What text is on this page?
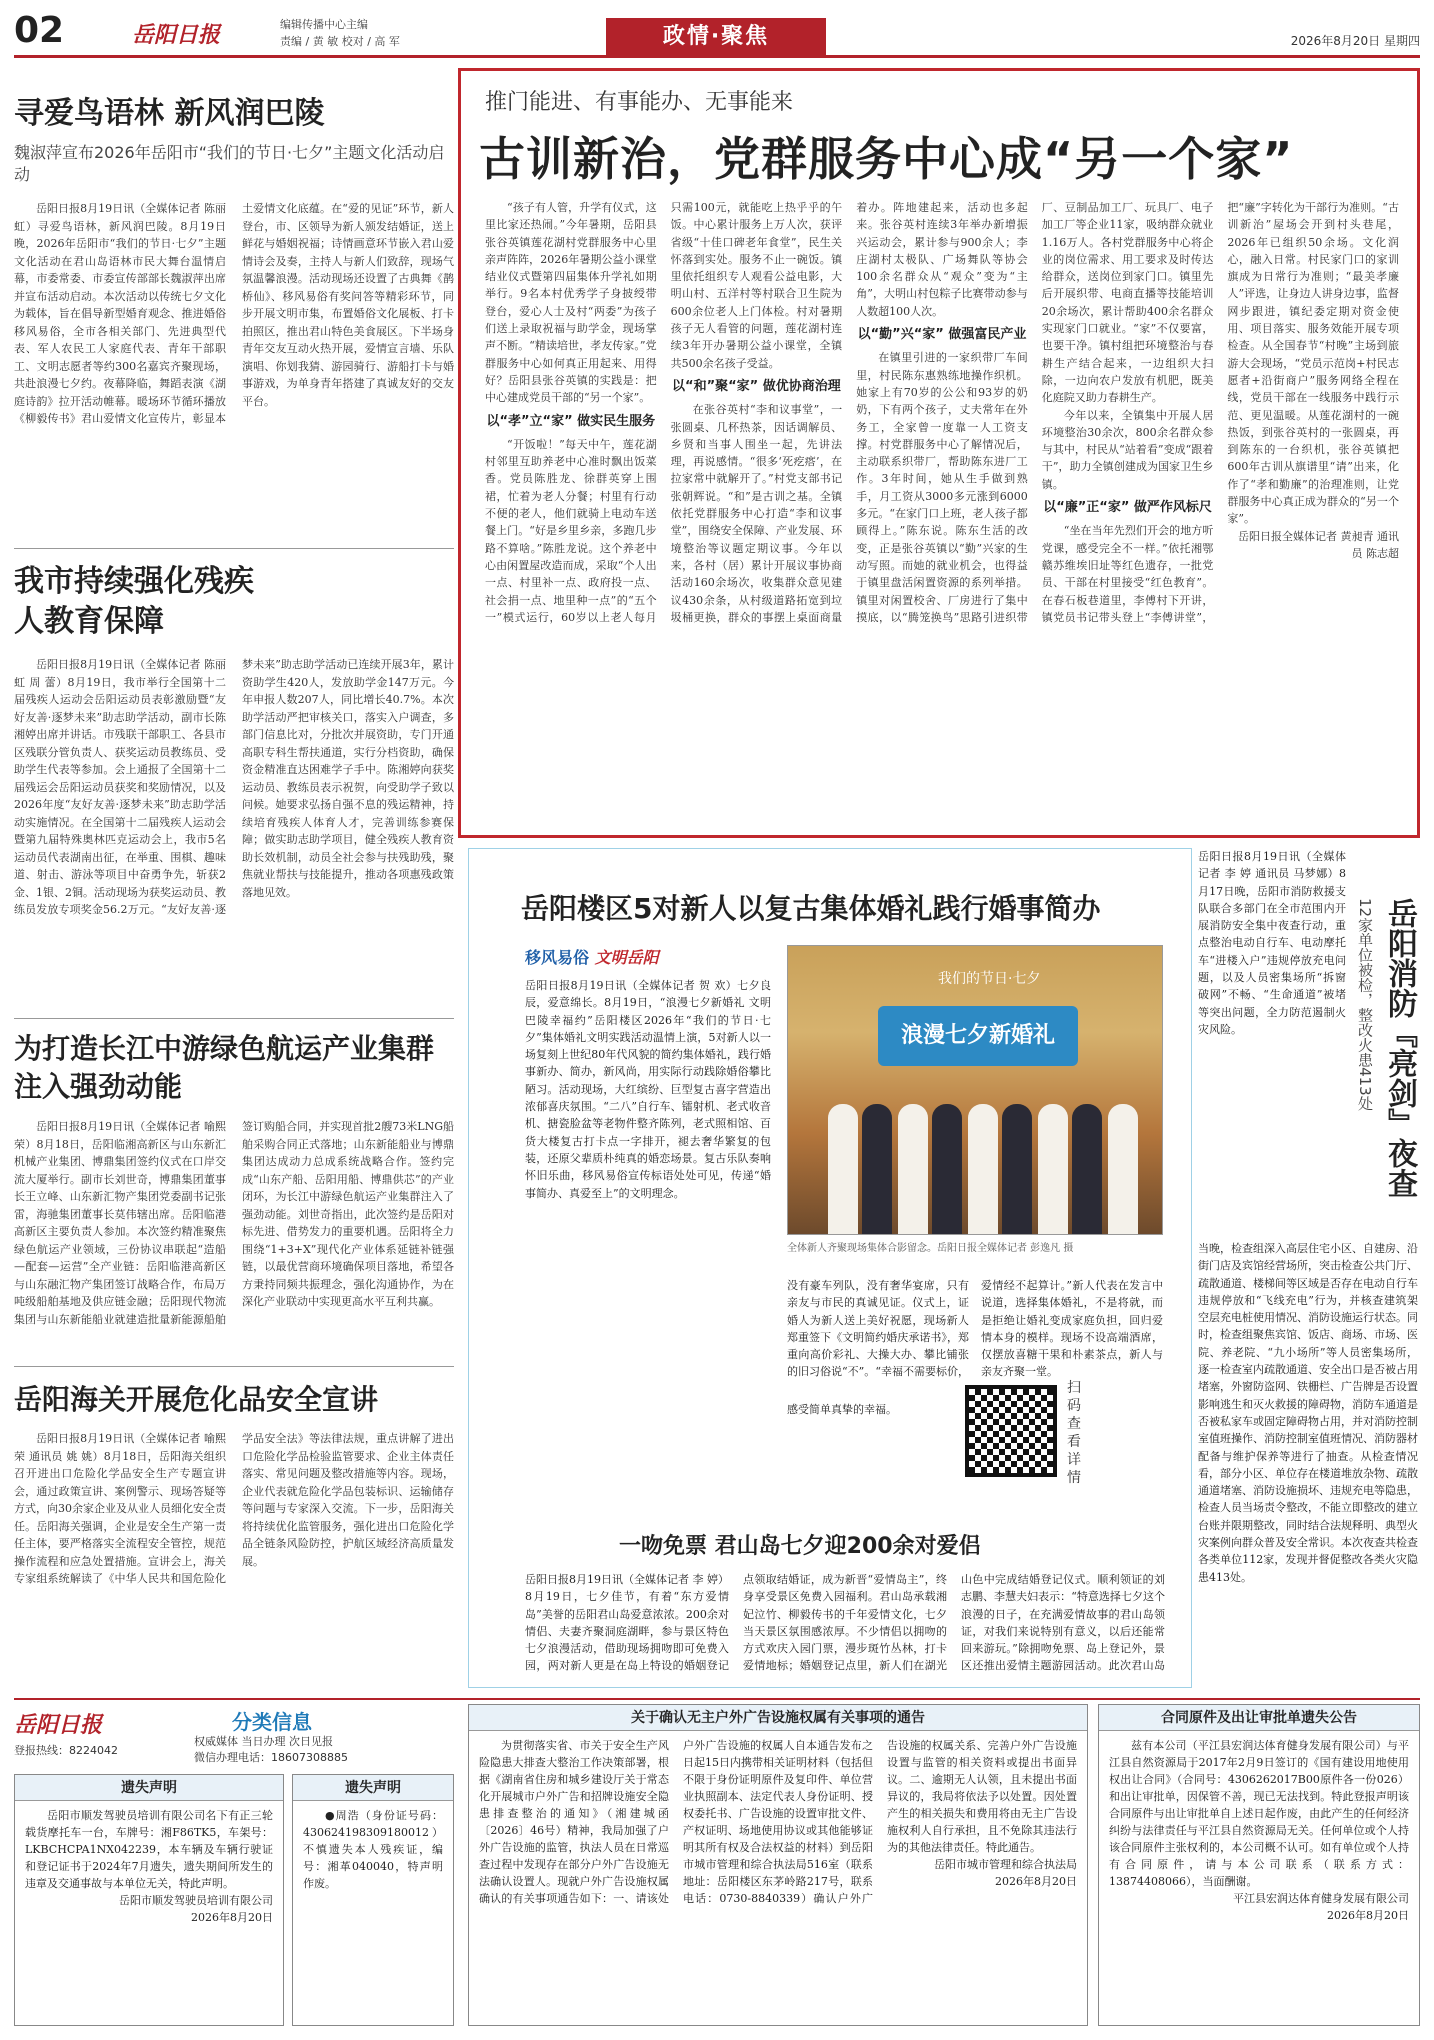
02	岳阳日报	编辑传播中心主编
责编 / 黄 敏 校对 / 高 军	政情·聚焦	2026年8月20日 星期四
寻爱鸟语林 新风润巴陵
魏淑萍宣布2026年岳阳市“我们的节日·七夕”主题文化活动启动
岳阳日报8月19日讯（全媒体记者 陈丽虹）寻爱鸟语林，新风润巴陵。8月19日晚，2026年岳阳市“我们的节日·七夕”主题文化活动在君山岛语林市民大舞台温情启幕，市委常委、市委宣传部部长魏淑萍出席并宣布活动启动。本次活动以传统七夕文化为载体，旨在倡导新型婚育观念、推进婚俗移风易俗，全市各相关部门、先进典型代表、军人农民工人家庭代表、青年干部职工、文明志愿者等约300名嘉宾齐聚现场，共赴浪漫七夕约。夜幕降临，舞蹈表演《湖庭诗韵》拉开活动帷幕。暖场环节循环播放《柳毅传书》君山爱情文化宣传片，彰显本土爱情文化底蕴。在“爱的见证”环节，新人登台，市、区领导为新人颁发结婚证，送上鲜花与婚姻祝福；诗情画意环节嵌入君山爱情诗会及奏，主持人与新人们致辞，现场气氛温馨浪漫。活动现场还设置了古典舞《鹊桥仙》、移风易俗有奖问答等精彩环节，同步开展文明市集，布置婚俗文化展板、打卡拍照区，推出君山特色美食展区。下半场身青年交友互动火热开展，爱情宣言墙、乐队演唱、你划我猜、游园骑行、游船打卡与婚事游戏，为单身青年搭建了真诚友好的交友平台。
我市持续强化残疾人教育保障
岳阳日报8月19日讯（全媒体记者 陈丽虹 周 蕾）8月19日，我市举行全国第十二届残疾人运动会岳阳运动员表彰激励暨“友好友善·逐梦未来”助志助学活动，副市长陈湘婷出席并讲话。市残联干部职工、各县市区残联分管负责人、获奖运动员教练员、受助学生代表等参加。会上通报了全国第十二届残运会岳阳运动员获奖和奖励情况，以及2026年度“友好友善·逐梦未来”助志助学活动实施情况。在全国第十二届残疾人运动会暨第九届特殊奥林匹克运动会上，我市5名运动员代表湖南出征，在举重、围棋、趣味道、射击、游泳等项目中奋勇争先，斩获2金、1银、2铜。活动现场为获奖运动员、教练员发放专项奖金56.2万元。“友好友善·逐梦未来”助志助学活动已连续开展3年，累计资助学生420人，发放助学金147万元。今年申报人数207人，同比增长40.7%。本次助学活动严把审核关口，落实入户调查，多部门信息比对，分批次并展资助，专门开通高职专科生帮扶通道，实行分档资助，确保资金精准直达困难学子手中。陈湘婷向获奖运动员、教练员表示祝贺，向受助学子致以问候。她要求弘扬自强不息的残运精神，持续培育残疾人体育人才，完善训练参赛保障；做实助志助学项目，健全残疾人教育资助长效机制，动员全社会参与扶残助残，聚焦就业帮扶与技能提升，推动各项惠残政策落地见效。
为打造长江中游绿色航运产业集群注入强劲动能
岳阳日报8月19日讯（全媒体记者 喻熙荣）8月18日，岳阳临湘高新区与山东新汇机械产业集团、博鼎集团签约仪式在口岸交流大厦举行。副市长刘世奇，博鼎集团董事长王立峰、山东新汇物产集团党委副书记张雷，海驰集团董事长莫伟辖出席。岳阳临港高新区主要负责人参加。本次签约精准聚焦绿色航运产业领域，三份协议串联起“造船—配套—运营”全产业链：岳阳临港高新区与山东融汇物产集团签订战略合作，布局万吨级船舶基地及供应链金融；岳阳现代物流集团与山东新能船业就建造批量新能源船舶签订购船合同，并实现首批2艘73米LNG船舶采购合同正式落地；山东新能船业与博鼎集团达成动力总成系统战略合作。签约完成“山东产船、岳阳用船、博鼎供芯”的产业闭环，为长江中游绿色航运产业集群注入了强劲动能。刘世奇指出，此次签约是岳阳对标先进、借势发力的重要机遇。岳阳将全力围绕“1+3+X”现代化产业体系延链补链强链，以最优营商环境确保项目落地，希望各方秉持同频共振理念，强化沟通协作，为在深化产业联动中实现更高水平互利共赢。
岳阳海关开展危化品安全宣讲
岳阳日报8月19日讯（全媒体记者 喻熙荣 通讯员 姚 姚）8月18日，岳阳海关组织召开进出口危险化学品安全生产专题宣讲会，通过政策宣讲、案例警示、现场答疑等方式，向30余家企业及从业人员细化安全责任。岳阳海关强调，企业是安全生产第一责任主体，要严格落实全流程安全管控，规范操作流程和应急处置措施。宣讲会上，海关专家组系统解读了《中华人民共和国危险化学品安全法》等法律法规，重点讲解了进出口危险化学品检验监管要求、企业主体责任落实、常见问题及整改措施等内容。现场，企业代表就危险化学品包装标识、运输储存等问题与专家深入交流。下一步，岳阳海关将持续优化监管服务，强化进出口危险化学品全链条风险防控，护航区域经济高质量发展。
推门能进、有事能办、无事能来
古训新治，党群服务中心成“另一个家”

“孩子有人管，升学有仪式，这里比家还热闹。”今年暑期，岳阳县张谷英镇莲花湖村党群服务中心里亲声阵阵，2026年暑期公益小课堂结业仪式暨第四届集体升学礼如期举行。9名本村优秀学子身披绶带登台，爱心人士及村“两委”为孩子们送上录取祝福与助学金，现场掌声不断。“精读培世，孝友传家。”党群服务中心如何真正用起来、用得好？岳阳县张谷英镇的实践是：把中心建成党员干部的“另一个家”。

以“孝”立“家” 做实民生服务

“开饭啦！”每天中午，莲花湖村邻里互助养老中心准时飘出饭菜香。党员陈胜龙、徐群英穿上围裙，忙着为老人分餐；村里有行动不便的老人，他们就骑上电动车送餐上门。“好是乡里乡亲，多跑几步路不算啥。”陈胜龙说。这个养老中心由闲置屋改造而成，采取“个人出一点、村里补一点、政府投一点、社会捐一点、地里种一点”的“五个一”模式运行，60岁以上老人每月只需100元，就能吃上热乎乎的午饭。中心累计服务上万人次，获评省级“十佳口碑老年食堂”，民生关怀落到实处。服务不止一碗饭。镇里依托组织专人观看公益电影，大明山村、五洋村等村联合卫生院为600余位老人上门体检。村对暑期孩子无人看管的问题，莲花湖村连续3年开办暑期公益小课堂，全镇共500余名孩子受益。

以“和”聚“家” 做优协商治理

在张谷英村“李和议事堂”，一张圆桌、几杯热茶，因话调解员、乡贤和当事人围坐一起，先讲法理，再说感情。“很多‘死疙瘩’，在拉家常中就解开了。”村党支部书记张朝辉说。“和”是古训之基。全镇依托党群服务中心打造“李和议事堂”，围绕安全保障、产业发展、环境整治等议题定期议事。今年以来，各村（居）累计开展议事协商活动160余场次，收集群众意见建议430余条，从村级道路拓宽到垃圾桶更换，群众的事摆上桌面商量着办。阵地建起来，活动也多起来。张谷英村连续3年举办新增振兴运动会，累计参与900余人；李庄湖村太极队、广场舞队等协会100余名群众从“观众”变为“主角”，大明山村包粽子比赛带动参与人数超100人次。

以“勤”兴“家” 做强富民产业

在镇里引进的一家织带厂车间里，村民陈东惠熟练地操作织机。她家上有70岁的公公和93岁的奶奶，下有两个孩子，丈夫常年在外务工，全家曾一度靠一人工资支撑。村党群服务中心了解情况后，主动联系织带厂，帮助陈东进厂工作。3年时间，她从生手做到熟手，月工资从3000多元涨到6000多元。“在家门口上班，老人孩子都顾得上。”陈东说。陈东生活的改变，正是张谷英镇以“勤”兴家的生动写照。而她的就业机会，也得益于镇里盘活闲置资源的系列举措。镇里对闲置校舍、厂房进行了集中摸底，以“腾笼换鸟”思路引进织带厂、豆制品加工厂、玩具厂、电子加工厂等企业11家，吸纳群众就业1.16万人。各村党群服务中心将企业的岗位需求、用工要求及时传达给群众，送岗位到家门口。镇里先后开展织带、电商直播等技能培训20余场次，累计帮助400余名群众实现家门口就业。“家”不仅要富，也要干净。镇村组把环境整治与春耕生产结合起来，一边组织大扫除，一边向农户发放有机肥，既美化庭院又助力春耕生产。

今年以来，全镇集中开展人居环境整治30余次，800余名群众参与其中，村民从“站着看”变成“跟着干”，助力全镇创建成为国家卫生乡镇。

以“廉”正“家” 做严作风标尺

“坐在当年先烈们开会的地方听党课，感受完全不一样。”依托湘鄂赣苏维埃旧址等红色遗存，一批党员、干部在村里接受“红色教育”。在春石板巷道里，李傅村下开讲，镇党员书记带头登上“李傅讲堂”，把“廉”字转化为干部行为准则。“古训新治”屋场会开到村头巷尾，2026年已组织50余场。文化润心，融入日常。村民家门口的家训旗成为日常行为准则；“最美孝廉人”评选，让身边人讲身边事，监督网步跟进，镇纪委定期对资金使用、项目落实、服务效能开展专项检查。从全国春节“村晚”主场到旅游大会现场，“党员示范岗+村民志愿者+沿街商户”服务网络全程在线，党员干部在一线服务中践行示范、更见温暖。从莲花湖村的一碗热饭，到张谷英村的一张圆桌，再到陈东的一台织机，张谷英镇把600年古训从旗谱里“请”出来，化作了“孝和勤廉”的治理准则，让党群服务中心真正成为群众的“另一个家”。

岳阳日报全媒体记者 黄昶青 通讯员 陈志超

岳阳楼区5对新人以复古集体婚礼践行婚事简办
移风易俗 文明岳阳
岳阳日报8月19日讯（全媒体记者 贺 欢）七夕良辰，爱意绵长。8月19日，“浪漫七夕新婚礼 文明巴陵幸福约”岳阳楼区2026年“我们的节日·七夕”集体婚礼文明实践活动温情上演，5对新人以一场复刻上世纪80年代风貌的简约集体婚礼，践行婚事新办、简办，新风尚，用实际行动践除婚俗攀比陋习。活动现场，大红缤纷、巨型复古喜字营造出浓郁喜庆氛围。“二八”自行车、镭射机、老式收音机、搪瓷脸盆等老物件整齐陈列，老式照相馆、百货大楼复古打卡点一字排开，褪去奢华繁复的包装，还原父辈质朴纯真的婚恋场景。复古乐队奏响怀旧乐曲，移风易俗宣传标语处处可见，传递“婚事简办、真爱至上”的文明理念。
我们的节日·七夕
浪漫七夕新婚礼
全体新人齐聚现场集体合影留念。岳阳日报全媒体记者 彭逸凡 摄
没有豪车列队，没有奢华宴席，只有亲友与市民的真诚见证。仪式上，证婚人为新人送上美好祝愿，现场新人郑重签下《文明简约婚庆承诺书》，郑重向高价彩礼、大操大办、攀比铺张的旧习俗说“不”。“幸福不需要标价，爱情经不起算计。”新人代表在发言中说道，选择集体婚礼，不是将就，而是拒绝让婚礼变成家庭负担，回归爱情本身的模样。现场不设高端酒席，仅摆放喜糖干果和朴素茶点，新人与亲友齐聚一堂。
感受简单真挚的幸福。
扫码查看详情
一吻免票 君山岛七夕迎200余对爱侣
岳阳日报8月19日讯（全媒体记者 李 婷）8月19日，七夕佳节，有着“东方爱情岛”美誉的岳阳君山岛爱意浓浓。200余对情侣、夫妻齐聚洞庭湖畔，参与景区特色七夕浪漫活动，借助现场拥吻即可免费入园，两对新人更是在岛上特设的婚姻登记点领取结婚证，成为新晋“爱情岛主”，终身享受景区免费入园福利。君山岛承载湘妃泣竹、柳毅传书的千年爱情文化，七夕当天景区氛围感浓厚。不少情侣以拥吻的方式欢庆入园门票，漫步斑竹丛林，打卡爱情地标；婚姻登记点里，新人们在湖光山色中完成结婚登记仪式。顺利领证的刘志鹏、李慧夫妇表示：“特意选择七夕这个浪漫的日子，在充满爱情故事的君山岛领证，对我们来说特别有意义，以后还能常回来游玩。”除拥吻免票、岛上登记外，景区还推出爱情主题游园活动。此次君山岛
岳阳日报8月19日讯（全媒体记者 李 婷 通讯员 马梦娜）8月17日晚，岳阳市消防救援支队联合多部门在全市范围内开展消防安全集中夜查行动，重点整治电动自行车、电动摩托车“进楼入户”违规停放充电问题，以及人员密集场所“拆窗破网”不畅、“生命通道”被堵等突出问题，全力防范遏制火灾风险。	岳阳消防『亮剑』夜查
12家单位被检，整改火患413处
当晚，检查组深入高层住宅小区、自建房、沿街门店及宾馆经营场所，突击检查公共门厅、疏散通道、楼梯间等区域是否存在电动自行车违规停放和“飞线充电”行为，并核查建筑架空层充电桩使用情况、消防设施运行状态。同时，检查组聚焦宾馆、饭店、商场、市场、医院、养老院、“九小场所”等人员密集场所，逐一检查室内疏散通道、安全出口是否被占用堵塞，外窗防盗网、铁栅栏、广告牌是否设置影响逃生和灭火救援的障碍物，消防车通道是否被私家车或固定障碍物占用，并对消防控制室值班操作、消防控制室值班情况、消防器材配备与维护保养等进行了抽查。从检查情况看，部分小区、单位存在楼道堆放杂物、疏散通道堵塞、消防设施损坏、违规充电等隐患，检查人员当场责令整改，不能立即整改的建立台账并限期整改，同时结合法规释明、典型火灾案例向群众普及安全常识。本次夜查共检查各类单位112家，发现并督促整改各类火灾隐患413处。
岳阳日报
登报热线：8224042
分类信息
权威媒体 当日办理 次日见报
微信办理电话：18607308885
遗失声明

岳阳市顺发驾驶员培训有限公司名下有正三轮载货摩托车一台，车牌号：湘F86TK5，车架号：LKBCHCPA1NX042239，本车辆及车辆行驶证和登记证书于2024年7月遗失，遗失期间所发生的违章及交通事故与本单位无关，特此声明。

岳阳市顺发驾驶员培训有限公司
2026年8月20日
遗失声明

●周浩（身份证号码：430624198309180012）不慎遗失本人残疾证，编号：湘革040040，特声明作废。

关于确认无主户外广告设施权属有关事项的通告

为贯彻落实省、市关于安全生产风险隐患大排查大整治工作决策部署，根据《湖南省住房和城乡建设厅关于常态化开展城市户外广告和招牌设施安全隐患排查整治的通知》（湘建城函〔2026〕46号）精神，我局加强了户外广告设施的监管，执法人员在日常巡查过程中发现存在部分户外广告设施无法确认设置人。现就户外广告设施权属确认的有关事项通告如下：一、请该处户外广告设施的权属人自本通告发布之日起15日内携带相关证明材料（包括但不限于身份证明原件及复印件、单位营业执照副本、法定代表人身份证明、授权委托书、广告设施的设置审批文件、产权证明、场地使用协议或其他能够证明其所有权及合法权益的材料）到岳阳市城市管理和综合执法局516室（联系地址：岳阳楼区东茅岭路217号，联系电话：0730-8840339）确认户外广告设施的权属关系、完善户外广告设施设置与监管的相关资料或提出书面异议。二、逾期无人认领，且未提出书面异议的，我局将依法予以处置。因处置产生的相关损失和费用将由无主广告设施权利人自行承担，且不免除其违法行为的其他法律责任。特此通告。

岳阳市城市管理和综合执法局
2026年8月20日
合同原件及出让审批单遗失公告

兹有本公司（平江县宏润达体育健身发展有限公司）与平江县自然资源局于2017年2月9日签订的《国有建设用地使用权出让合同》（合同号：4306262017B00原件各一份026）和出让审批单，因保管不善，现已无法找到。特此登报声明该合同原件与出让审批单自上述日起作废，由此产生的任何经济纠纷与法律责任与平江县自然资源局无关。任何单位或个人持该合同原件主张权利的，本公司概不认可。如有单位或个人持有合同原件，请与本公司联系（联系方式：13874408066），当面酬谢。

平江县宏润达体育健身发展有限公司
2026年8月20日
